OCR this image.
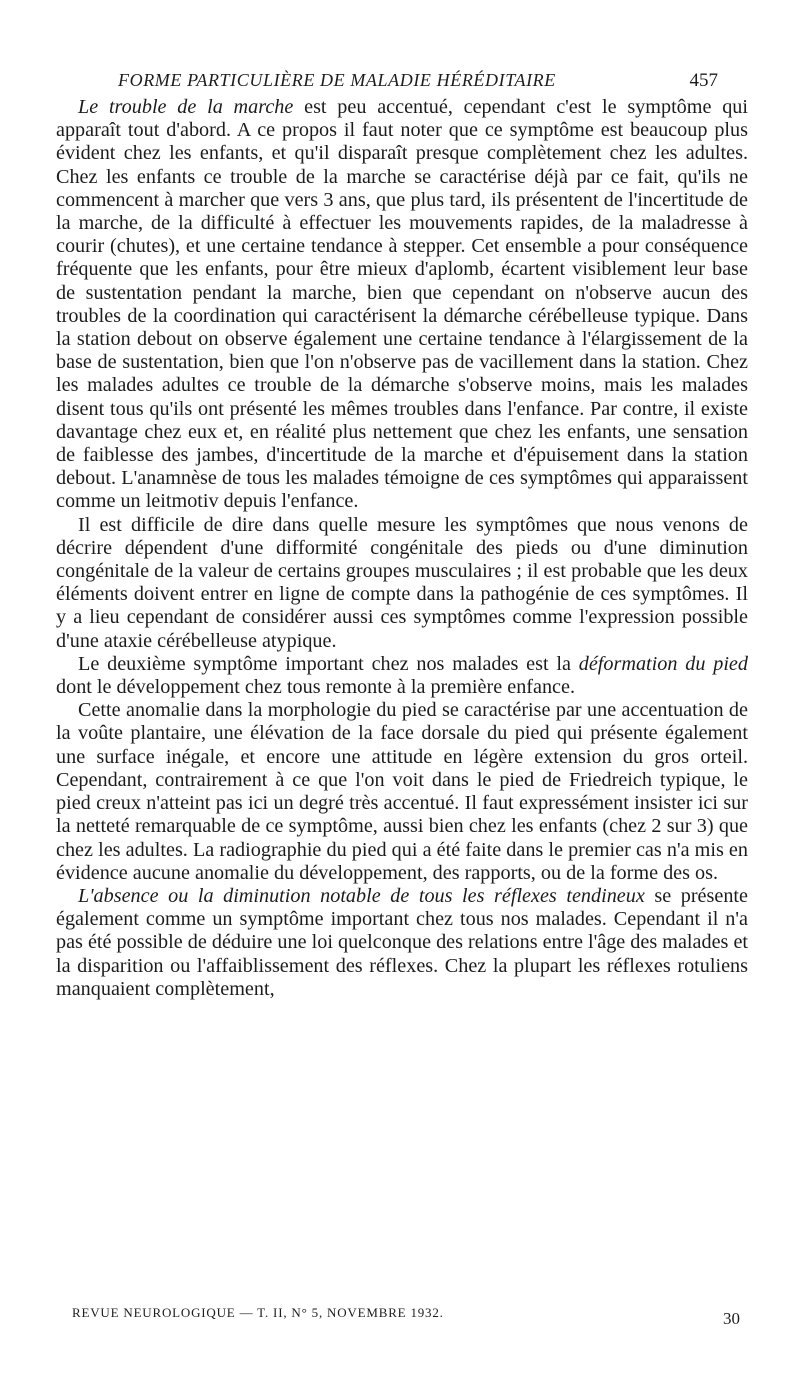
FORME PARTICULIÈRE DE MALADIE HÉRÉDITAIRE	457

Le trouble de la marche est peu accentué, cependant c'est le symptôme qui apparaît tout d'abord. A ce propos il faut noter que ce symptôme est beaucoup plus évident chez les enfants, et qu'il disparaît presque complètement chez les adultes. Chez les enfants ce trouble de la marche se caractérise déjà par ce fait, qu'ils ne commencent à marcher que vers 3 ans, que plus tard, ils présentent de l'incertitude de la marche, de la difficulté à effectuer les mouvements rapides, de la maladresse à courir (chutes), et une certaine tendance à stepper. Cet ensemble a pour conséquence fréquente que les enfants, pour être mieux d'aplomb, écartent visiblement leur base de sustentation pendant la marche, bien que cependant on n'observe aucun des troubles de la coordination qui caractérisent la démarche cérébelleuse typique. Dans la station debout on observe également une certaine tendance à l'élargissement de la base de sustentation, bien que l'on n'observe pas de vacillement dans la station. Chez les malades adultes ce trouble de la démarche s'observe moins, mais les malades disent tous qu'ils ont présenté les mêmes troubles dans l'enfance. Par contre, il existe davantage chez eux et, en réalité plus nettement que chez les enfants, une sensation de faiblesse des jambes, d'incertitude de la marche et d'épuisement dans la station debout. L'anamnèse de tous les malades témoigne de ces symptômes qui apparaissent comme un leitmotiv depuis l'enfance.

Il est difficile de dire dans quelle mesure les symptômes que nous venons de décrire dépendent d'une difformité congénitale des pieds ou d'une diminution congénitale de la valeur de certains groupes musculaires ; il est probable que les deux éléments doivent entrer en ligne de compte dans la pathogénie de ces symptômes. Il y a lieu cependant de considérer aussi ces symptômes comme l'expression possible d'une ataxie cérébelleuse atypique.

Le deuxième symptôme important chez nos malades est la déformation du pied dont le développement chez tous remonte à la première enfance.

Cette anomalie dans la morphologie du pied se caractérise par une accentuation de la voûte plantaire, une élévation de la face dorsale du pied qui présente également une surface inégale, et encore une attitude en légère extension du gros orteil. Cependant, contrairement à ce que l'on voit dans le pied de Friedreich typique, le pied creux n'atteint pas ici un degré très accentué. Il faut expressément insister ici sur la netteté remarquable de ce symptôme, aussi bien chez les enfants (chez 2 sur 3) que chez les adultes. La radiographie du pied qui a été faite dans le premier cas n'a mis en évidence aucune anomalie du développement, des rapports, ou de la forme des os.

L'absence ou la diminution notable de tous les réflexes tendineux se présente également comme un symptôme important chez tous nos malades. Cependant il n'a pas été possible de déduire une loi quelconque des relations entre l'âge des malades et la disparition ou l'affaiblissement des réflexes. Chez la plupart les réflexes rotuliens manquaient complètement,

REVUE NEUROLOGIQUE — T. II, N° 5, NOVEMBRE 1932.	30
